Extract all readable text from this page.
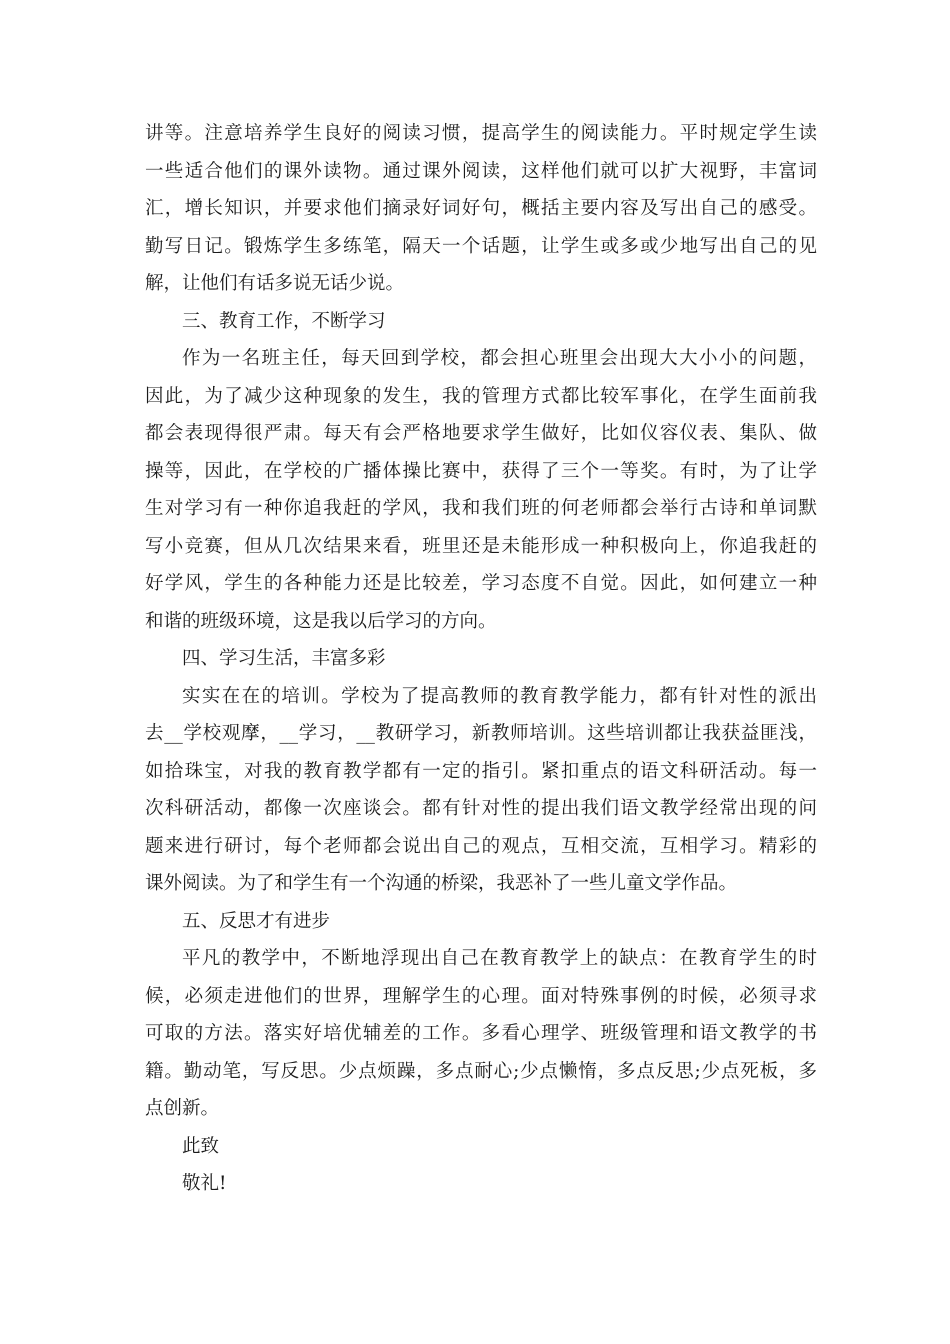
讲等。注意培养学生良好的阅读习惯，提高学生的阅读能力。平时规定学生读
一些适合他们的课外读物。通过课外阅读，这样他们就可以扩大视野，丰富词
汇，增长知识，并要求他们摘录好词好句，概括主要内容及写出自己的感受。
勤写日记。锻炼学生多练笔，隔天一个话题，让学生或多或少地写出自己的见
解，让他们有话多说无话少说。
三、教育工作，不断学习
作为一名班主任，每天回到学校，都会担心班里会出现大大小小的问题，
因此，为了减少这种现象的发生，我的管理方式都比较军事化，在学生面前我
都会表现得很严肃。每天有会严格地要求学生做好，比如仪容仪表、集队、做
操等，因此，在学校的广播体操比赛中，获得了三个一等奖。有时，为了让学
生对学习有一种你追我赶的学风，我和我们班的何老师都会举行古诗和单词默
写小竞赛，但从几次结果来看，班里还是未能形成一种积极向上，你追我赶的
好学风，学生的各种能力还是比较差，学习态度不自觉。因此，如何建立一种
和谐的班级环境，这是我以后学习的方向。
四、学习生活，丰富多彩
实实在在的培训。学校为了提高教师的教育教学能力，都有针对性的派出
去__学校观摩，__学习，__教研学习，新教师培训。这些培训都让我获益匪浅，
如拾珠宝，对我的教育教学都有一定的指引。紧扣重点的语文科研活动。每一
次科研活动，都像一次座谈会。都有针对性的提出我们语文教学经常出现的问
题来进行研讨，每个老师都会说出自己的观点，互相交流，互相学习。精彩的
课外阅读。为了和学生有一个沟通的桥梁，我恶补了一些儿童文学作品。
五、反思才有进步
平凡的教学中，不断地浮现出自己在教育教学上的缺点：在教育学生的时
候，必须走进他们的世界，理解学生的心理。面对特殊事例的时候，必须寻求
可取的方法。落实好培优辅差的工作。多看心理学、班级管理和语文教学的书
籍。勤动笔，写反思。少点烦躁，多点耐心;少点懒惰，多点反思;少点死板，多
点创新。
此致
敬礼!
